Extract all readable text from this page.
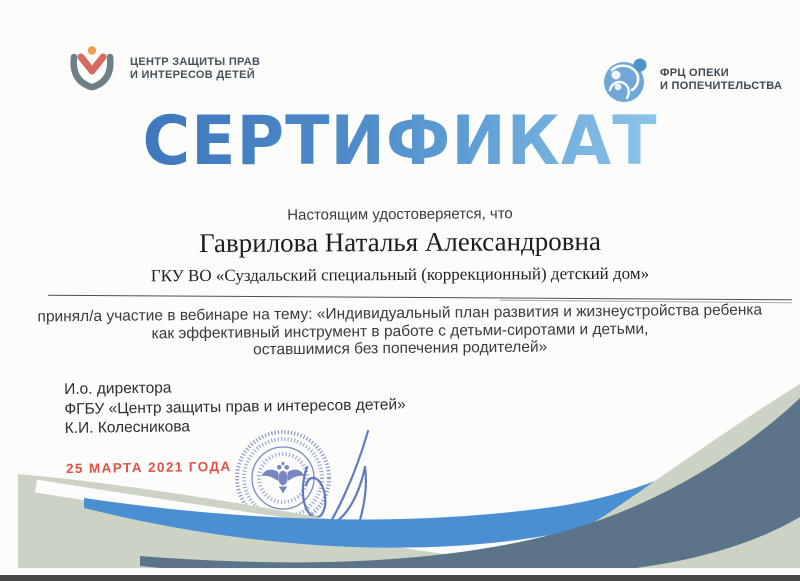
ЦЕНТР ЗАЩИТЫ ПРАВ
И ИНТЕРЕСОВ ДЕТЕЙ	ФРЦ ОПЕКИ
И ПОПЕЧИТЕЛЬСТВА
СЕРТИФИКАТ
Настоящим удостоверяется, что
Гаврилова Наталья Александровна
ГКУ ВО «Суздальский специальный (коррекционный) детский дом»
принял/а участие в вебинаре на тему: «Индивидуальный план развития и жизнеустройства ребенка
как эффективный инструмент в работе с детьми-сиротами и детьми,
оставшимися без попечения родителей»
И.о. директора
ФГБУ «Центр защиты прав и интересов детей»
К.И. Колесникова
25 МАРТА 2021 ГОДА
